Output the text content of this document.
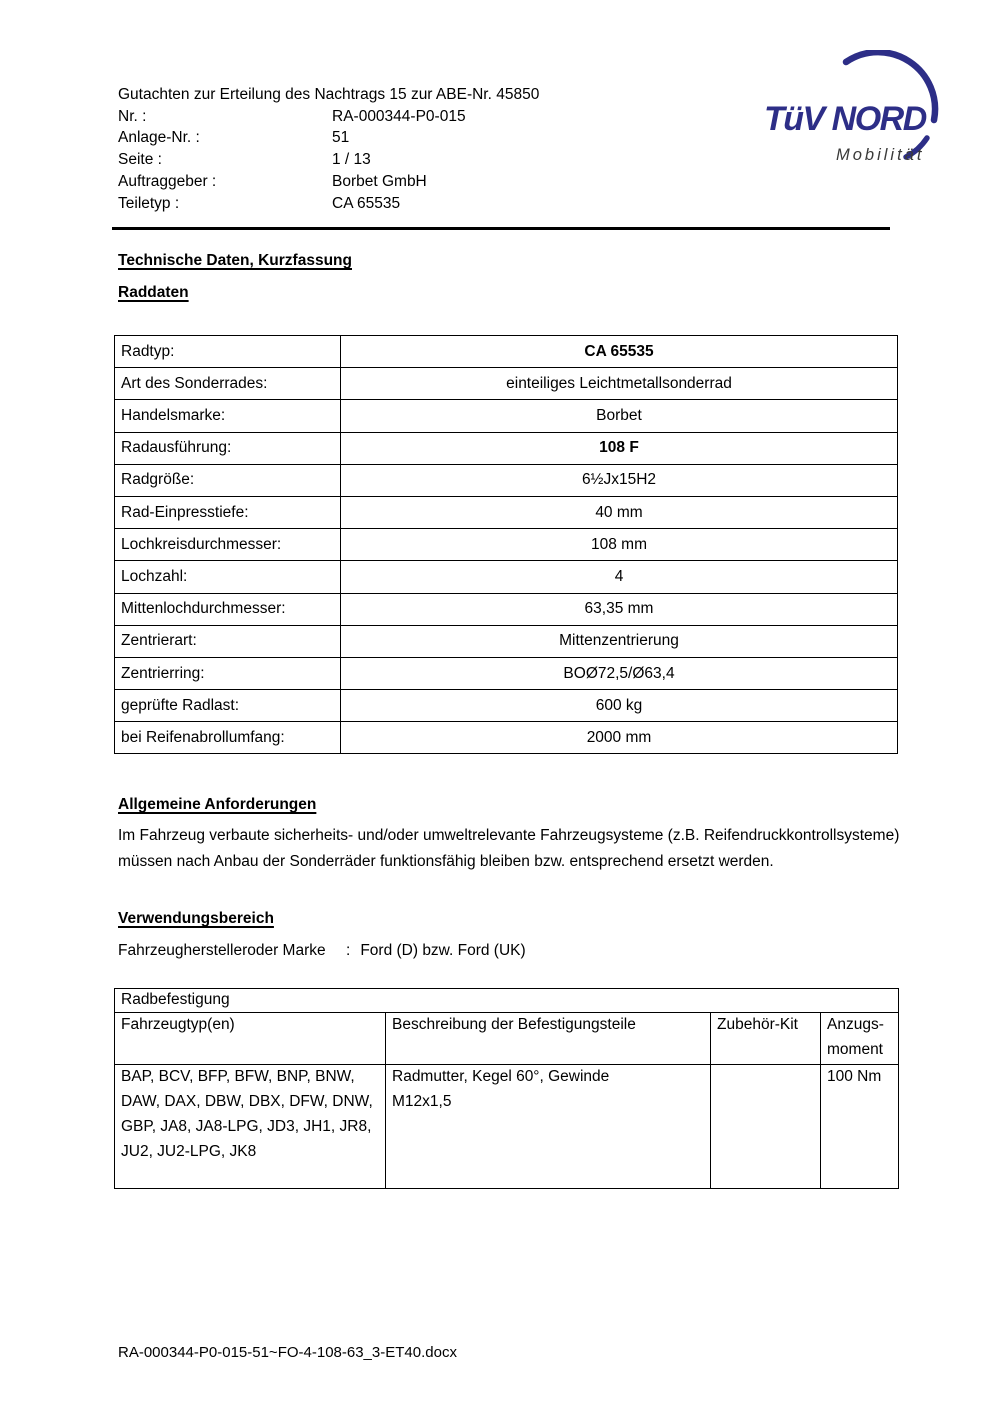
Gutachten zur Erteilung des Nachtrags 15 zur ABE-Nr. 45850
Nr. :	RA-000344-P0-015
Anlage-Nr. :	51
Seite :	1 / 13
Auftraggeber :	Borbet GmbH
Teiletyp :	CA 65535
TüV NORD
Mobilität
Technische Daten, Kurzfassung
Raddaten
Radtyp:	CA 65535
Art des Sonderrades:	einteiliges Leichtmetallsonderrad
Handelsmarke:	Borbet
Radausführung:	108 F
Radgröße:	6½Jx15H2
Rad-Einpresstiefe:	40 mm
Lochkreisdurchmesser:	108 mm
Lochzahl:	4
Mittenlochdurchmesser:	63,35 mm
Zentrierart:	Mittenzentrierung
Zentrierring:	BOØ72,5/Ø63,4
geprüfte Radlast:	600 kg
bei Reifenabrollumfang:	2000 mm
Allgemeine Anforderungen
Im Fahrzeug verbaute sicherheits- und/oder umweltrelevante Fahrzeugsysteme (z.B. Reifendruckkontrollsysteme) müssen nach Anbau der Sonderräder funktionsfähig bleiben bzw. entsprechend ersetzt werden.
Verwendungsbereich
Fahrzeugherstelleroder Marke : Ford (D) bzw. Ford (UK)
Radbefestigung			
Fahrzeugtyp(en)	Beschreibung der Befestigungsteile	Zubehör-Kit	Anzugs-moment
BAP, BCV, BFP, BFW, BNP, BNW, DAW, DAX, DBW, DBX, DFW, DNW, GBP, JA8, JA8-LPG, JD3, JH1, JR8, JU2, JU2-LPG, JK8	Radmutter, Kegel 60°, Gewinde M12x1,5		100 Nm
RA-000344-P0-015-51~FO-4-108-63_3-ET40.docx
